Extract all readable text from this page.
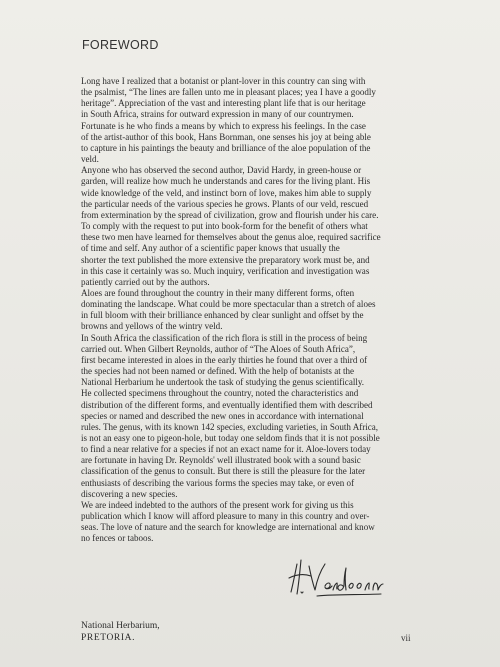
FOREWORD

Long have I realized that a botanist or plant-lover in this country can sing with
the psalmist, “The lines are fallen unto me in pleasant places; yea I have a goodly
heritage”. Appreciation of the vast and interesting plant life that is our heritage
in South Africa, strains for outward expression in many of our countrymen.
Fortunate is he who finds a means by which to express his feelings. In the case
of the artist-author of this book, Hans Bornman, one senses his joy at being able
to capture in his paintings the beauty and brilliance of the aloe population of the
veld.

Anyone who has observed the second author, David Hardy, in green-house or
garden, will realize how much he understands and cares for the living plant. His
wide knowledge of the veld, and instinct born of love, makes him able to supply
the particular needs of the various species he grows. Plants of our veld, rescued
from extermination by the spread of civilization, grow and flourish under his care.
To comply with the request to put into book-form for the benefit of others what
these two men have learned for themselves about the genus aloe, required sacrifice
of time and self. Any author of a scientific paper knows that usually the
shorter the text published the more extensive the preparatory work must be, and
in this case it certainly was so. Much inquiry, verification and investigation was
patiently carried out by the authors.

Aloes are found throughout the country in their many different forms, often
dominating the landscape. What could be more spectacular than a stretch of aloes
in full bloom with their brilliance enhanced by clear sunlight and offset by the
browns and yellows of the wintry veld.

In South Africa the classification of the rich flora is still in the process of being
carried out. When Gilbert Reynolds, author of “The Aloes of South Africa”,
first became interested in aloes in the early thirties he found that over a third of
the species had not been named or defined. With the help of botanists at the
National Herbarium he undertook the task of studying the genus scientifically.
He collected specimens throughout the country, noted the characteristics and
distribution of the different forms, and eventually identified them with described
species or named and described the new ones in accordance with international
rules. The genus, with its known 142 species, excluding varieties, in South Africa,
is not an easy one to pigeon-hole, but today one seldom finds that it is not possible
to find a near relative for a species if not an exact name for it. Aloe-lovers today
are fortunate in having Dr. Reynolds' well illustrated book with a sound basic
classification of the genus to consult. But there is still the pleasure for the later
enthusiasts of describing the various forms the species may take, or even of
discovering a new species.

We are indeed indebted to the authors of the present work for giving us this
publication which I know will afford pleasure to many in this country and over-
seas. The love of nature and the search for knowledge are international and know
no fences or taboos.

National Herbarium,
PRETORIA.	vii
